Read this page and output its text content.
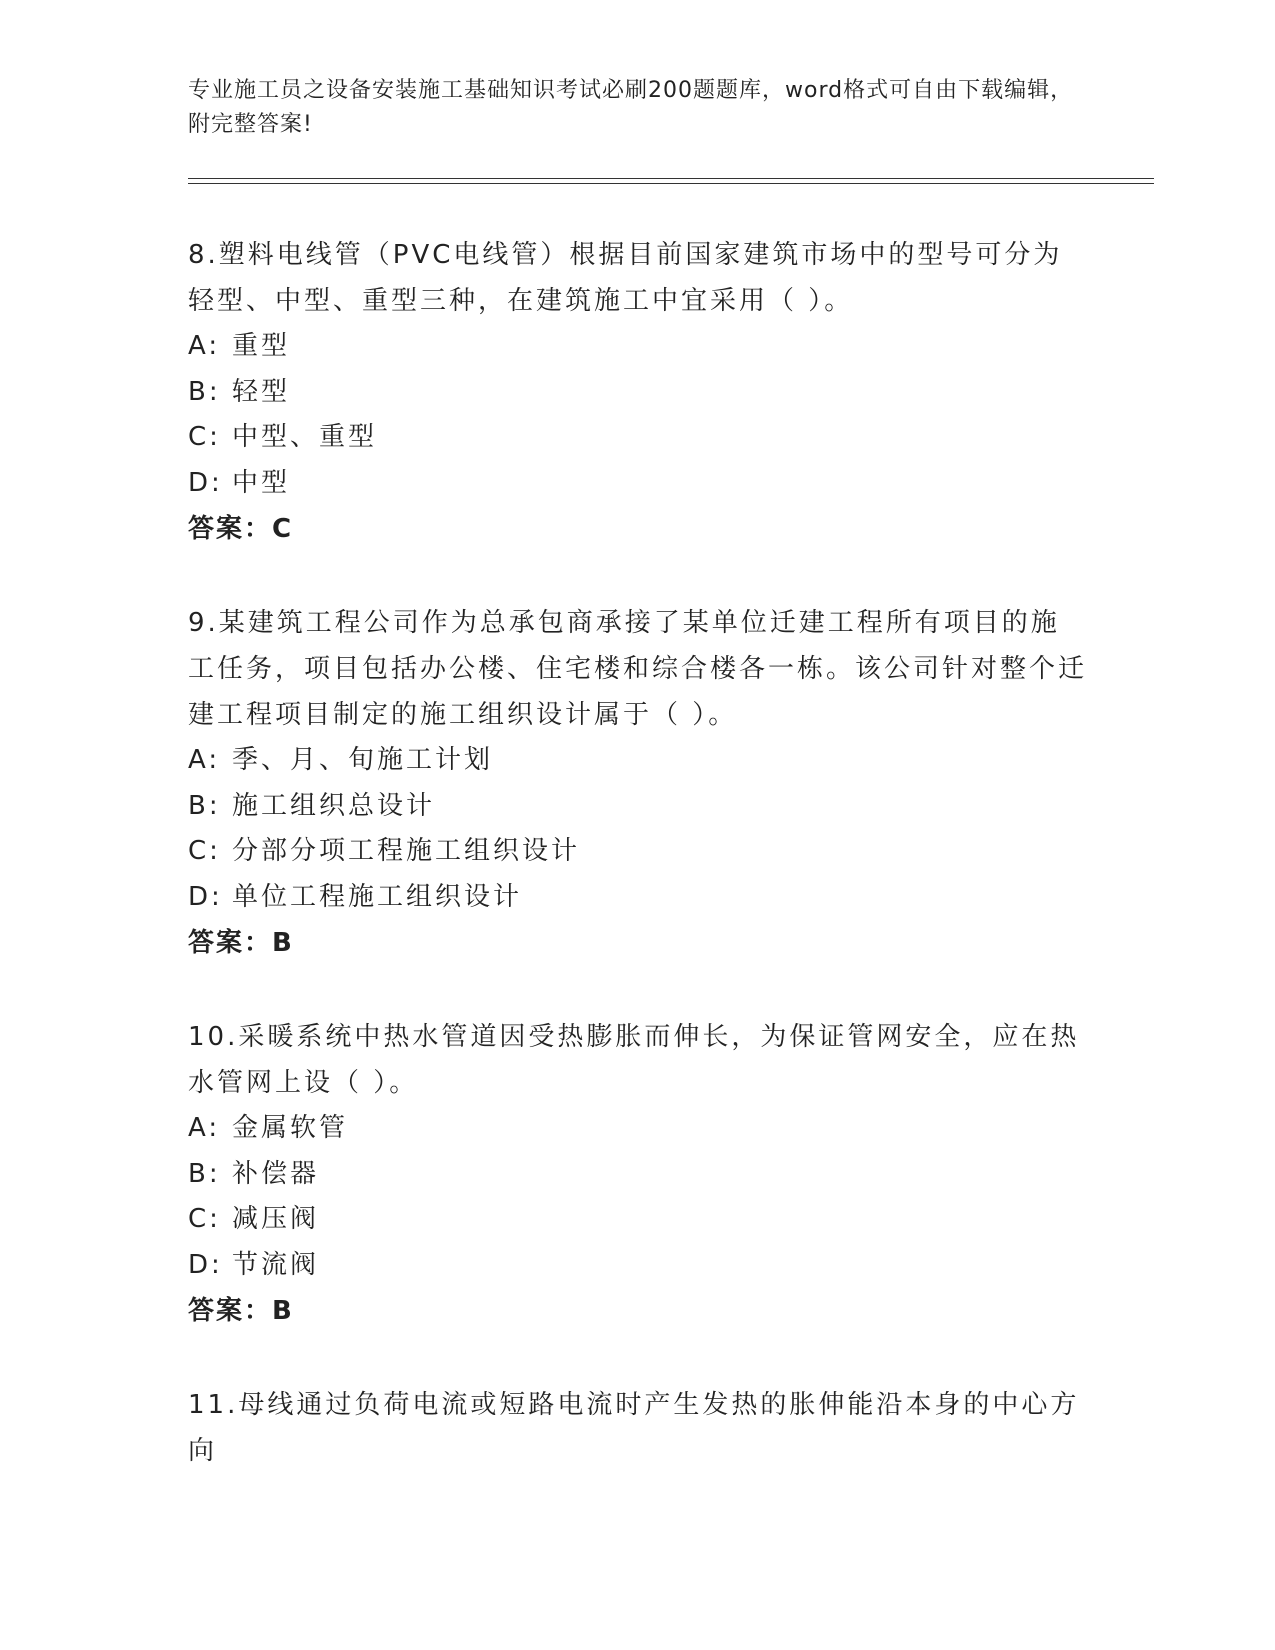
专业施工员之设备安装施工基础知识考试必刷200题题库，word格式可自由下载编辑，附完整答案!

8.塑料电线管（PVC电线管）根据目前国家建筑市场中的型号可分为轻型、中型、重型三种，在建筑施工中宜采用（ ）。

A: 重型

B: 轻型

C: 中型、重型

D: 中型

答案：C

9.某建筑工程公司作为总承包商承接了某单位迁建工程所有项目的施工任务，项目包括办公楼、住宅楼和综合楼各一栋。该公司针对整个迁建工程项目制定的施工组织设计属于（ ）。

A: 季、月、旬施工计划

B: 施工组织总设计

C: 分部分项工程施工组织设计

D: 单位工程施工组织设计

答案：B

10.采暖系统中热水管道因受热膨胀而伸长，为保证管网安全，应在热水管网上设（ ）。

A: 金属软管

B: 补偿器

C: 减压阀

D: 节流阀

答案：B

11.母线通过负荷电流或短路电流时产生发热的胀伸能沿本身的中心方向
